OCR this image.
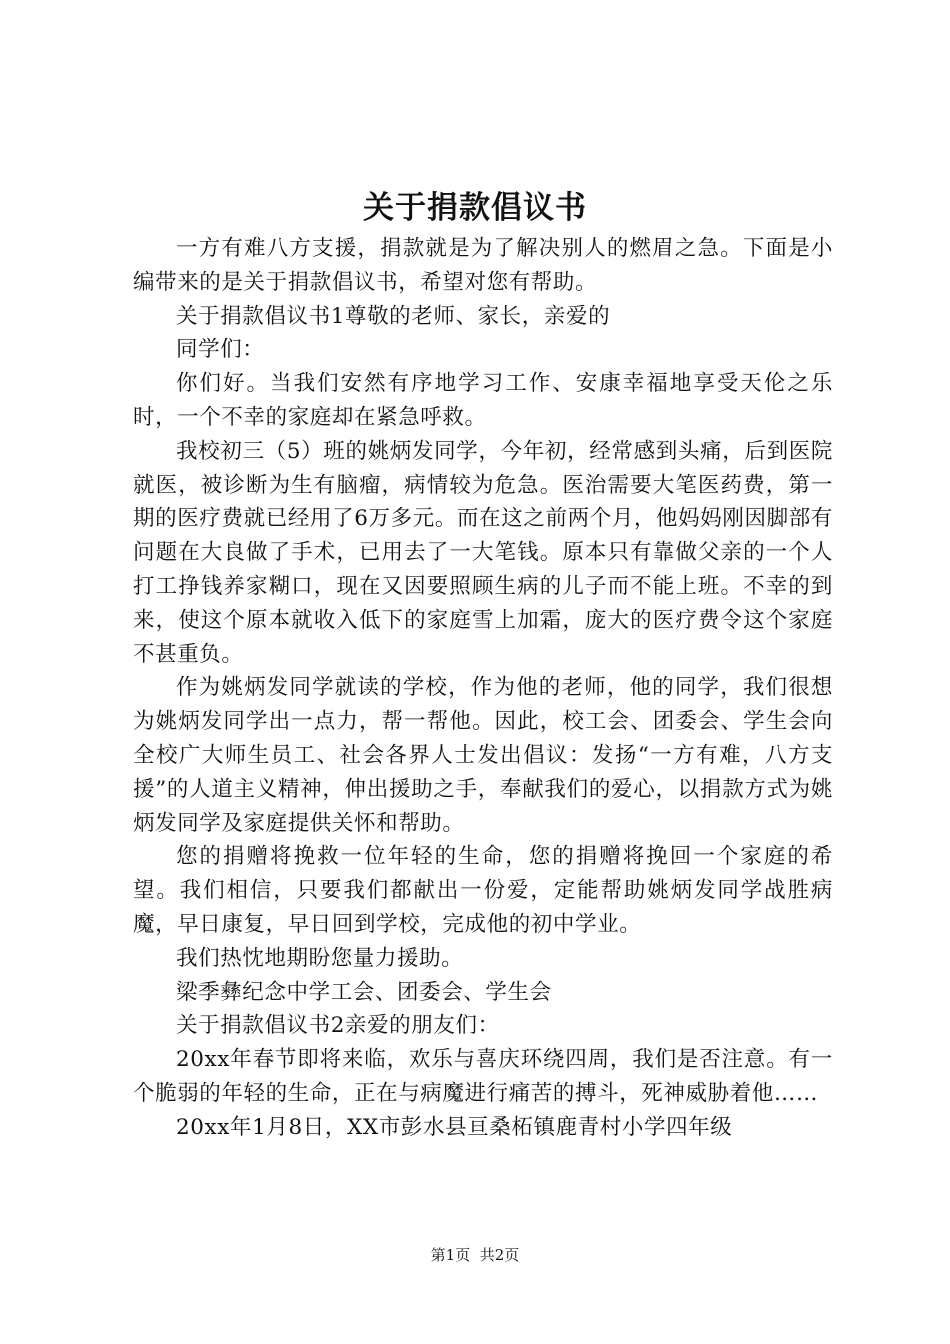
关于捐款倡议书

一方有难八方支援，捐款就是为了解决别人的燃眉之急。下面是小编带来的是关于捐款倡议书，希望对您有帮助。

关于捐款倡议书1尊敬的老师、家长，亲爱的

同学们：

你们好。当我们安然有序地学习工作、安康幸福地享受天伦之乐时，一个不幸的家庭却在紧急呼救。

我校初三（5）班的姚炳发同学，今年初，经常感到头痛，后到医院就医，被诊断为生有脑瘤，病情较为危急。医治需要大笔医药费，第一期的医疗费就已经用了6万多元。而在这之前两个月，他妈妈刚因脚部有问题在大良做了手术，已用去了一大笔钱。原本只有靠做父亲的一个人打工挣钱养家糊口，现在又因要照顾生病的儿子而不能上班。不幸的到来，使这个原本就收入低下的家庭雪上加霜，庞大的医疗费令这个家庭不甚重负。

作为姚炳发同学就读的学校，作为他的老师，他的同学，我们很想为姚炳发同学出一点力，帮一帮他。因此，校工会、团委会、学生会向全校广大师生员工、社会各界人士发出倡议：发扬“一方有难，八方支援”的人道主义精神，伸出援助之手，奉献我们的爱心，以捐款方式为姚炳发同学及家庭提供关怀和帮助。

您的捐赠将挽救一位年轻的生命，您的捐赠将挽回一个家庭的希望。我们相信，只要我们都献出一份爱，定能帮助姚炳发同学战胜病魔，早日康复，早日回到学校，完成他的初中学业。

我们热忱地期盼您量力援助。

梁季彝纪念中学工会、团委会、学生会

关于捐款倡议书2亲爱的朋友们：

20xx年春节即将来临，欢乐与喜庆环绕四周，我们是否注意。有一个脆弱的年轻的生命，正在与病魔进行痛苦的搏斗，死神威胁着他……

20xx年1月8日，XX市彭水县亘桑柘镇鹿青村小学四年级

第1页 共2页
